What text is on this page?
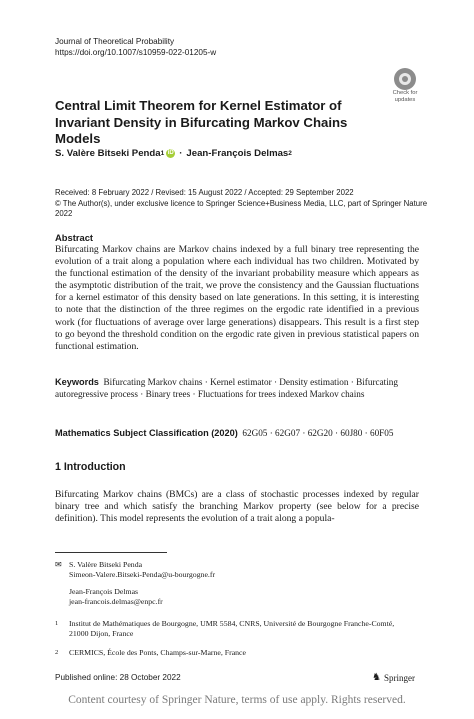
Journal of Theoretical Probability
https://doi.org/10.1007/s10959-022-01205-w
Check for
updates
Central Limit Theorem for Kernel Estimator of Invariant Density in Bifurcating Markov Chains Models
S. Valère Bitseki Penda 1 iD · Jean-François Delmas 2
Received: 8 February 2022 / Revised: 15 August 2022 / Accepted: 29 September 2022
© The Author(s), under exclusive licence to Springer Science+Business Media, LLC, part of Springer Nature 2022
Abstract
Bifurcating Markov chains are Markov chains indexed by a full binary tree representing the evolution of a trait along a population where each individual has two children. Motivated by the functional estimation of the density of the invariant probability measure which appears as the asymptotic distribution of the trait, we prove the consistency and the Gaussian fluctuations for a kernel estimator of this density based on late generations. In this setting, it is interesting to note that the distinction of the three regimes on the ergodic rate identified in a previous work (for fluctuations of average over large generations) disappears. This result is a first step to go beyond the threshold condition on the ergodic rate given in previous statistical papers on functional estimation.
Keywords Bifurcating Markov chains · Kernel estimator · Density estimation · Bifurcating autoregressive process · Binary trees · Fluctuations for trees indexed Markov chains
Mathematics Subject Classification (2020) 62G05 · 62G07 · 62G20 · 60J80 · 60F05
1 Introduction
Bifurcating Markov chains (BMCs) are a class of stochastic processes indexed by regular binary tree and which satisfy the branching Markov property (see below for a precise definition). This model represents the evolution of a trait along a popula-
✉ S. Valère Bitseki Penda
Simeon-Valere.Bitseki-Penda@u-bourgogne.fr
Jean-François Delmas
jean-francois.delmas@enpc.fr
1	Institut de Mathématiques de Bourgogne, UMR 5584, CNRS, Université de Bourgogne Franche-Comté, 21000 Dijon, France
2	CERMICS, École des Ponts, Champs-sur-Marne, France
Published online: 28 October 2022	♞ Springer
Content courtesy of Springer Nature, terms of use apply. Rights reserved.
